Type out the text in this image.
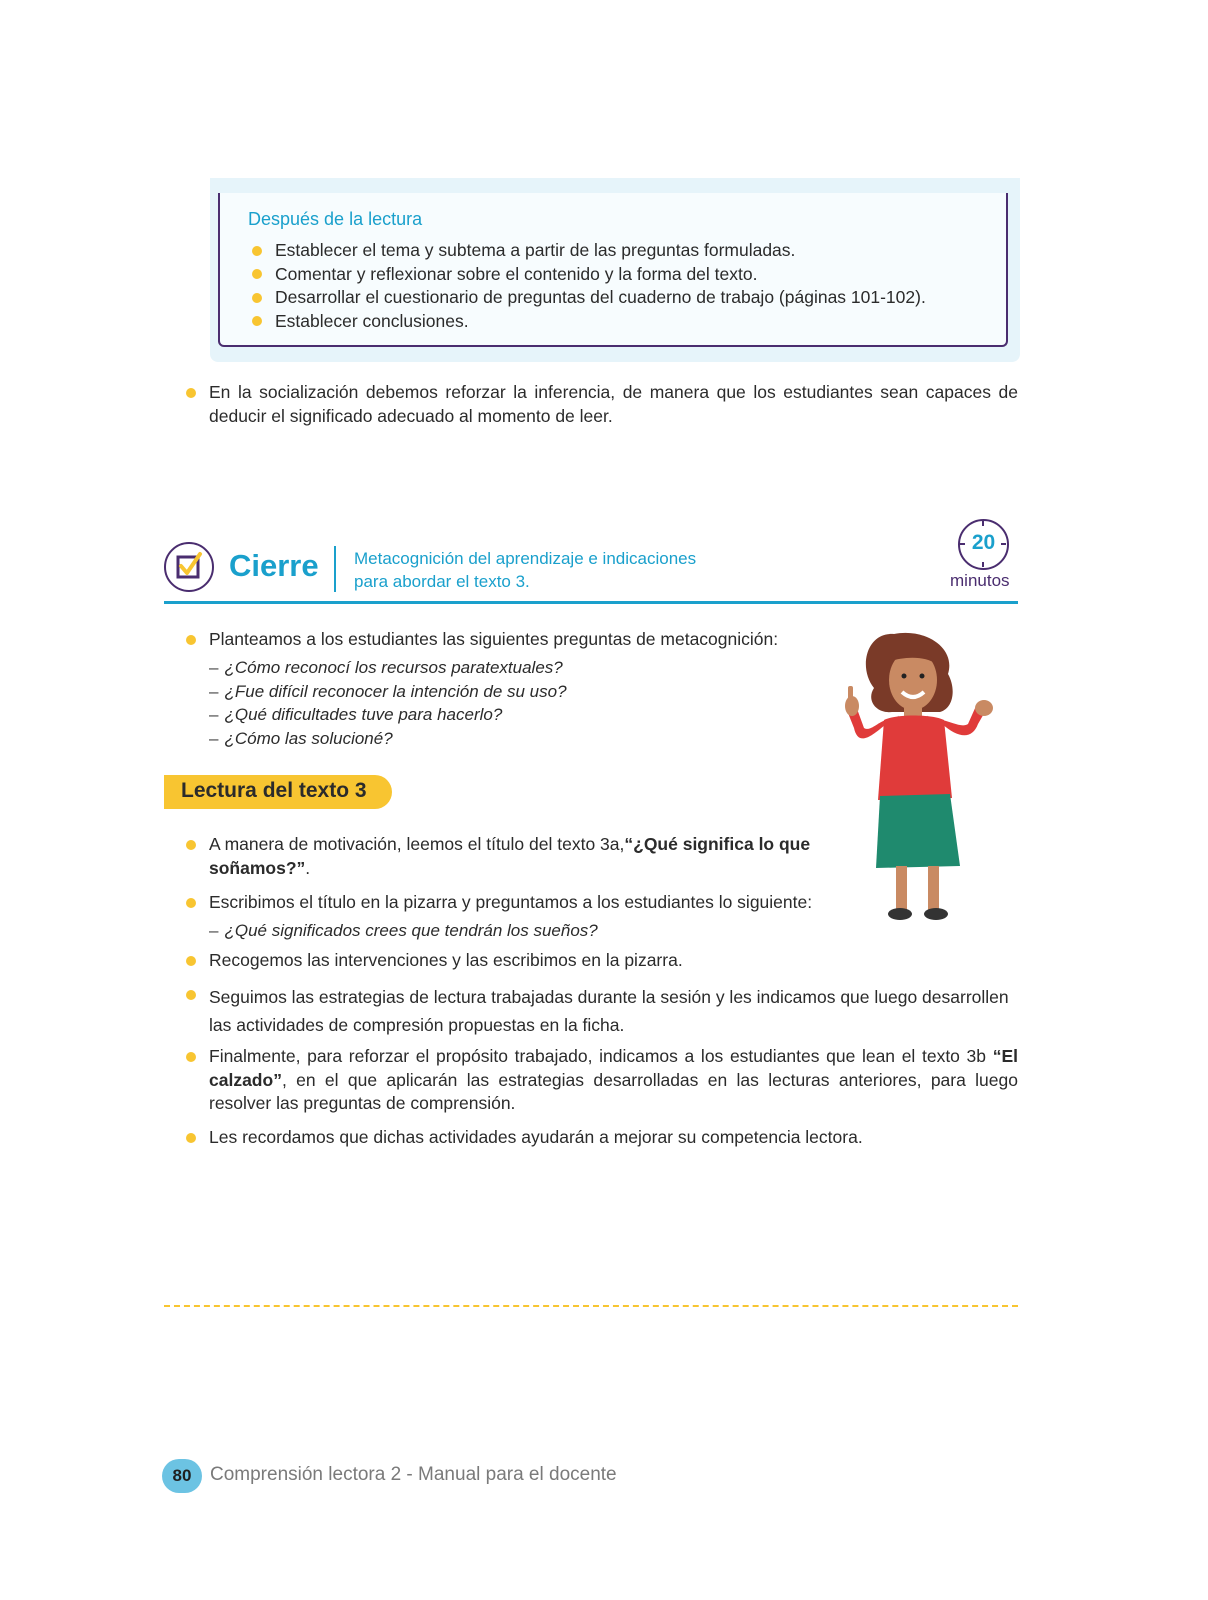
Después de la lectura
Establecer el tema y subtema a partir de las preguntas formuladas.
Comentar y reflexionar sobre el contenido y la forma del texto.
Desarrollar el cuestionario de preguntas del cuaderno de trabajo (páginas 101-102).
Establecer conclusiones.
En la socialización debemos reforzar la inferencia, de manera que los estudiantes sean capaces de deducir el significado adecuado al momento de leer.
Cierre Metacognición del aprendizaje e indicaciones
para abordar el texto 3.
20
minutos
Planteamos a los estudiantes las siguientes preguntas de metacognición:
– ¿Cómo reconocí los recursos paratextuales?
– ¿Fue difícil reconocer la intención de su uso?
– ¿Qué dificultades tuve para hacerlo?
– ¿Cómo las solucioné?
Lectura del texto 3
A manera de motivación, leemos el título del texto 3a,“¿Qué significa lo que
soñamos?”.
Escribimos el título en la pizarra y preguntamos a los estudiantes lo siguiente:
– ¿Qué significados crees que tendrán los sueños?
Recogemos las intervenciones y las escribimos en la pizarra.
Seguimos las estrategias de lectura trabajadas durante la sesión y les indicamos que luego desarrollen
las actividades de compresión propuestas en la ficha.
Finalmente, para reforzar el propósito trabajado, indicamos a los estudiantes que lean el texto 3b “El calzado”, en el que aplicarán las estrategias desarrolladas en las lecturas anteriores, para luego resolver las preguntas de comprensión.
Les recordamos que dichas actividades ayudarán a mejorar su competencia lectora.
80 Comprensión lectora 2 - Manual para el docente
